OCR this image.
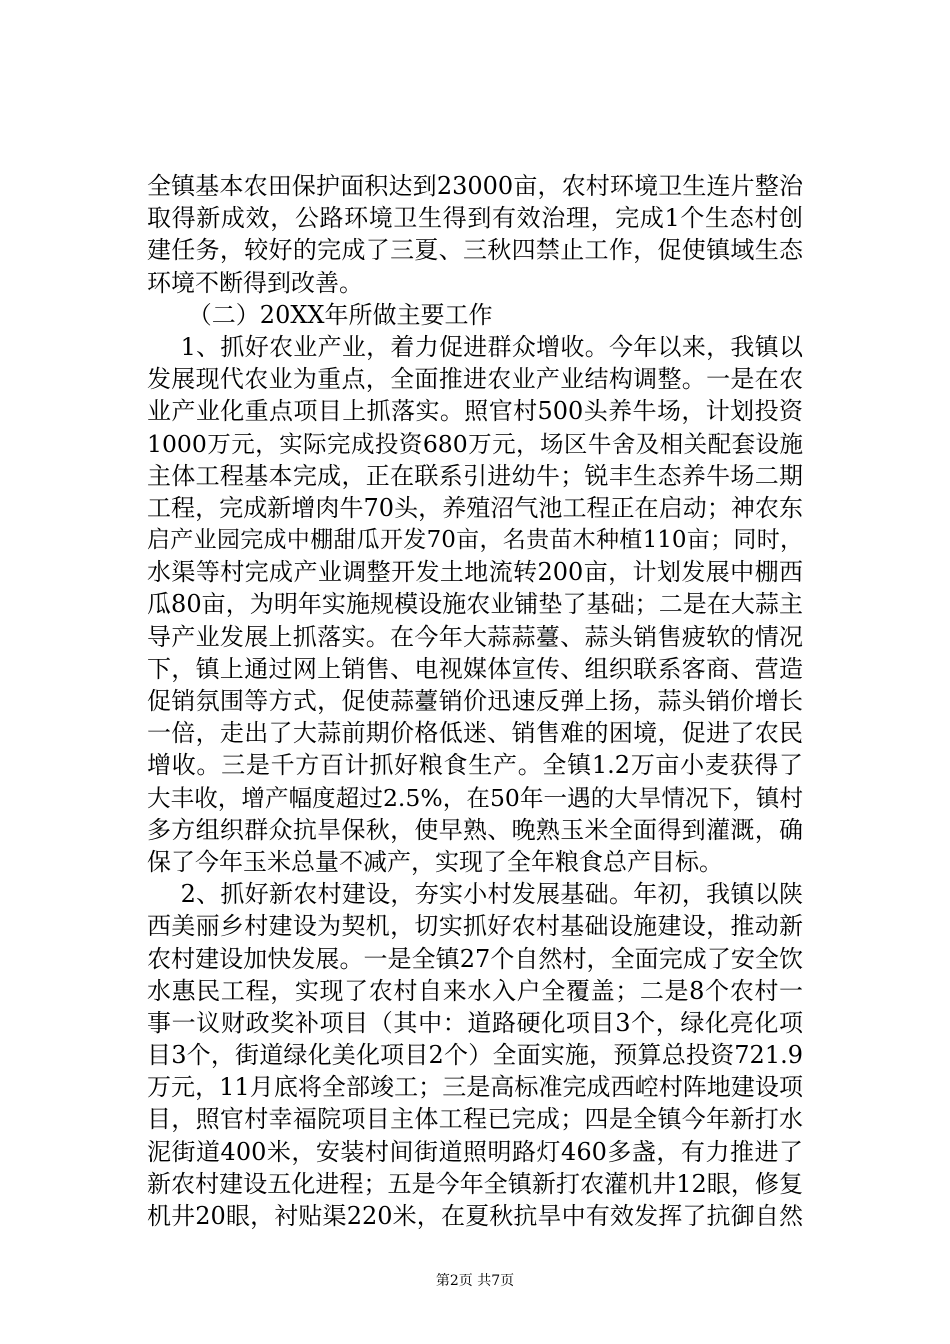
全镇基本农田保护面积达到23000亩，农村环境卫生连片整治
取得新成效，公路环境卫生得到有效治理，完成1个生态村创
建任务，较好的完成了三夏、三秋四禁止工作，促使镇域生态
环境不断得到改善。
（二）20XX年所做主要工作
1、抓好农业产业，着力促进群众增收。今年以来，我镇以
发展现代农业为重点，全面推进农业产业结构调整。一是在农
业产业化重点项目上抓落实。照官村500头养牛场，计划投资
1000万元，实际完成投资680万元，场区牛舍及相关配套设施
主体工程基本完成，正在联系引进幼牛；锐丰生态养牛场二期
工程，完成新增肉牛70头，养殖沼气池工程正在启动；神农东
启产业园完成中棚甜瓜开发70亩，名贵苗木种植110亩；同时，
水渠等村完成产业调整开发土地流转200亩，计划发展中棚西
瓜80亩，为明年实施规模设施农业铺垫了基础；二是在大蒜主
导产业发展上抓落实。在今年大蒜蒜薹、蒜头销售疲软的情况
下，镇上通过网上销售、电视媒体宣传、组织联系客商、营造
促销氛围等方式，促使蒜薹销价迅速反弹上扬，蒜头销价增长
一倍，走出了大蒜前期价格低迷、销售难的困境，促进了农民
增收。三是千方百计抓好粮食生产。全镇1.2万亩小麦获得了
大丰收，增产幅度超过2.5%，在50年一遇的大旱情况下，镇村
多方组织群众抗旱保秋，使早熟、晚熟玉米全面得到灌溉，确
保了今年玉米总量不减产，实现了全年粮食总产目标。
2、抓好新农村建设，夯实小村发展基础。年初，我镇以陕
西美丽乡村建设为契机，切实抓好农村基础设施建设，推动新
农村建设加快发展。一是全镇27个自然村，全面完成了安全饮
水惠民工程，实现了农村自来水入户全覆盖；二是8个农村一
事一议财政奖补项目（其中：道路硬化项目3个，绿化亮化项
目3个，街道绿化美化项目2个）全面实施，预算总投资721.9
万元，11月底将全部竣工；三是高标准完成西崆村阵地建设项
目，照官村幸福院项目主体工程已完成；四是全镇今年新打水
泥街道400米，安装村间街道照明路灯460多盏，有力推进了
新农村建设五化进程；五是今年全镇新打农灌机井12眼，修复
机井20眼，衬贴渠220米，在夏秋抗旱中有效发挥了抗御自然
第2页 共7页
